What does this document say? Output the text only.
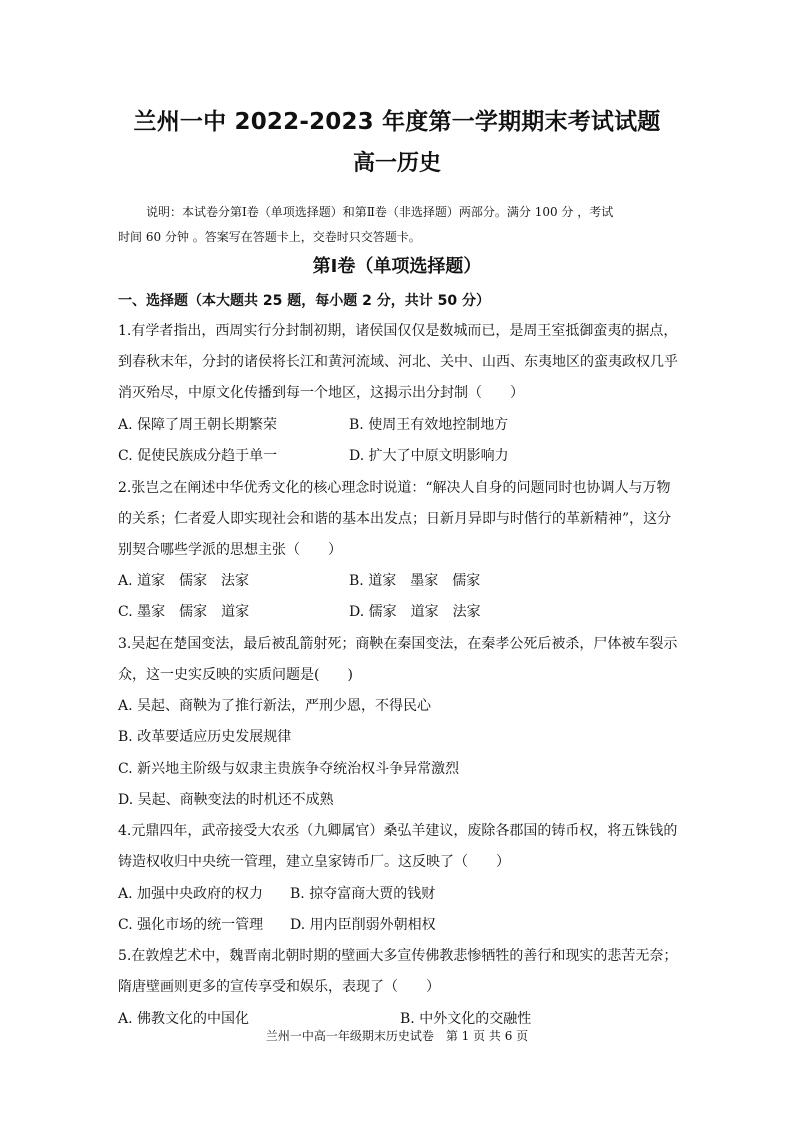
兰州一中 2022-2023 年度第一学期期末考试试题
高一历史
说明：本试卷分第Ⅰ卷（单项选择题）和第Ⅱ卷（非选择题）两部分。满分 100 分 ，考试
时间 60 分钟 。答案写在答题卡上，交卷时只交答题卡。
第Ⅰ卷（单项选择题）
一、选择题（本大题共 25 题，每小题 2 分，共计 50 分）
1.有学者指出，西周实行分封制初期，诸侯国仅仅是数城而已，是周王室抵御蛮夷的据点，
到春秋末年，分封的诸侯将长江和黄河流域、河北、关中、山西、东夷地区的蛮夷政权几乎
消灭殆尽，中原文化传播到每一个地区，这揭示出分封制（　　）
A. 保障了周王朝长期繁荣	B. 使周王有效地控制地方
C. 促使民族成分趋于单一	D. 扩大了中原文明影响力
2.张岂之在阐述中华优秀文化的核心理念时说道：“解决人自身的问题同时也协调人与万物
的关系；仁者爱人即实现社会和谐的基本出发点；日新月异即与时偕行的革新精神”，这分
别契合哪些学派的思想主张（　　）
A. 道家　儒家　法家	B. 道家　墨家　儒家
C. 墨家　儒家　道家	D. 儒家　道家　法家
3.吴起在楚国变法，最后被乱箭射死；商鞅在秦国变法，在秦孝公死后被杀，尸体被车裂示
众，这一史实反映的实质问题是(　　)
A. 吴起、商鞅为了推行新法，严刑少恩，不得民心
B. 改革要适应历史发展规律
C. 新兴地主阶级与奴隶主贵族争夺统治权斗争异常激烈
D. 吴起、商鞅变法的时机还不成熟
4.元鼎四年，武帝接受大农丞（九卿属官）桑弘羊建议，废除各郡国的铸币权，将五铢钱的
铸造权收归中央统一管理，建立皇家铸币厂。这反映了（　　）
A. 加强中央政府的权力 B. 掠夺富商大贾的钱财
C. 强化市场的统一管理 D. 用内臣削弱外朝相权
5.在敦煌艺术中，魏晋南北朝时期的壁画大多宣传佛教悲惨牺牲的善行和现实的悲苦无奈；
隋唐壁画则更多的宣传享受和娱乐，表现了（　　）
A. 佛教文化的中国化	B. 中外文化的交融性
兰州一中高一年级期末历史试卷　第 1 页 共 6 页
